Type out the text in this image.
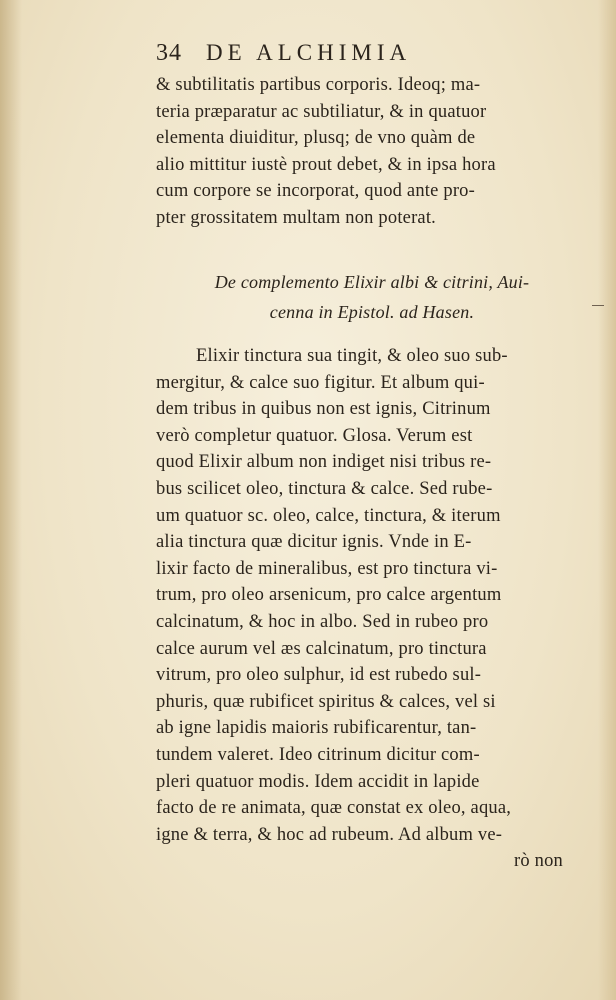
34 DE ALCHIMIA
& subtilitatis partibus corporis. Ideoq; ma-
teria præparatur ac subtiliatur, & in quatuor
elementa diuiditur, plusq; de vno quàm de
alio mittitur iustè prout debet, & in ipsa hora
cum corpore se incorporat, quod ante pro-
pter grossitatem multam non poterat.
De complemento Elixir albi & citrini, Aui-
cenna in Epistol. ad Hasen.
Elixir tinctura sua tingit, & oleo suo sub-
mergitur, & calce suo figitur. Et album qui-
dem tribus in quibus non est ignis, Citrinum
verò completur quatuor. Glosa. Verum est
quod Elixir album non indiget nisi tribus re-
bus scilicet oleo, tinctura & calce. Sed rube-
um quatuor sc. oleo, calce, tinctura, & iterum
alia tinctura quæ dicitur ignis. Vnde in E-
lixir facto de mineralibus, est pro tinctura vi-
trum, pro oleo arsenicum, pro calce argentum
calcinatum, & hoc in albo. Sed in rubeo pro
calce aurum vel æs calcinatum, pro tinctura
vitrum, pro oleo sulphur, id est rubedo sul-
phuris, quæ rubificet spiritus & calces, vel si
ab igne lapidis maioris rubificarentur, tan-
tundem valeret. Ideo citrinum dicitur com-
pleri quatuor modis. Idem accidit in lapide
facto de re animata, quæ constat ex oleo, aqua,
igne & terra, & hoc ad rubeum. Ad album ve-
rò non
